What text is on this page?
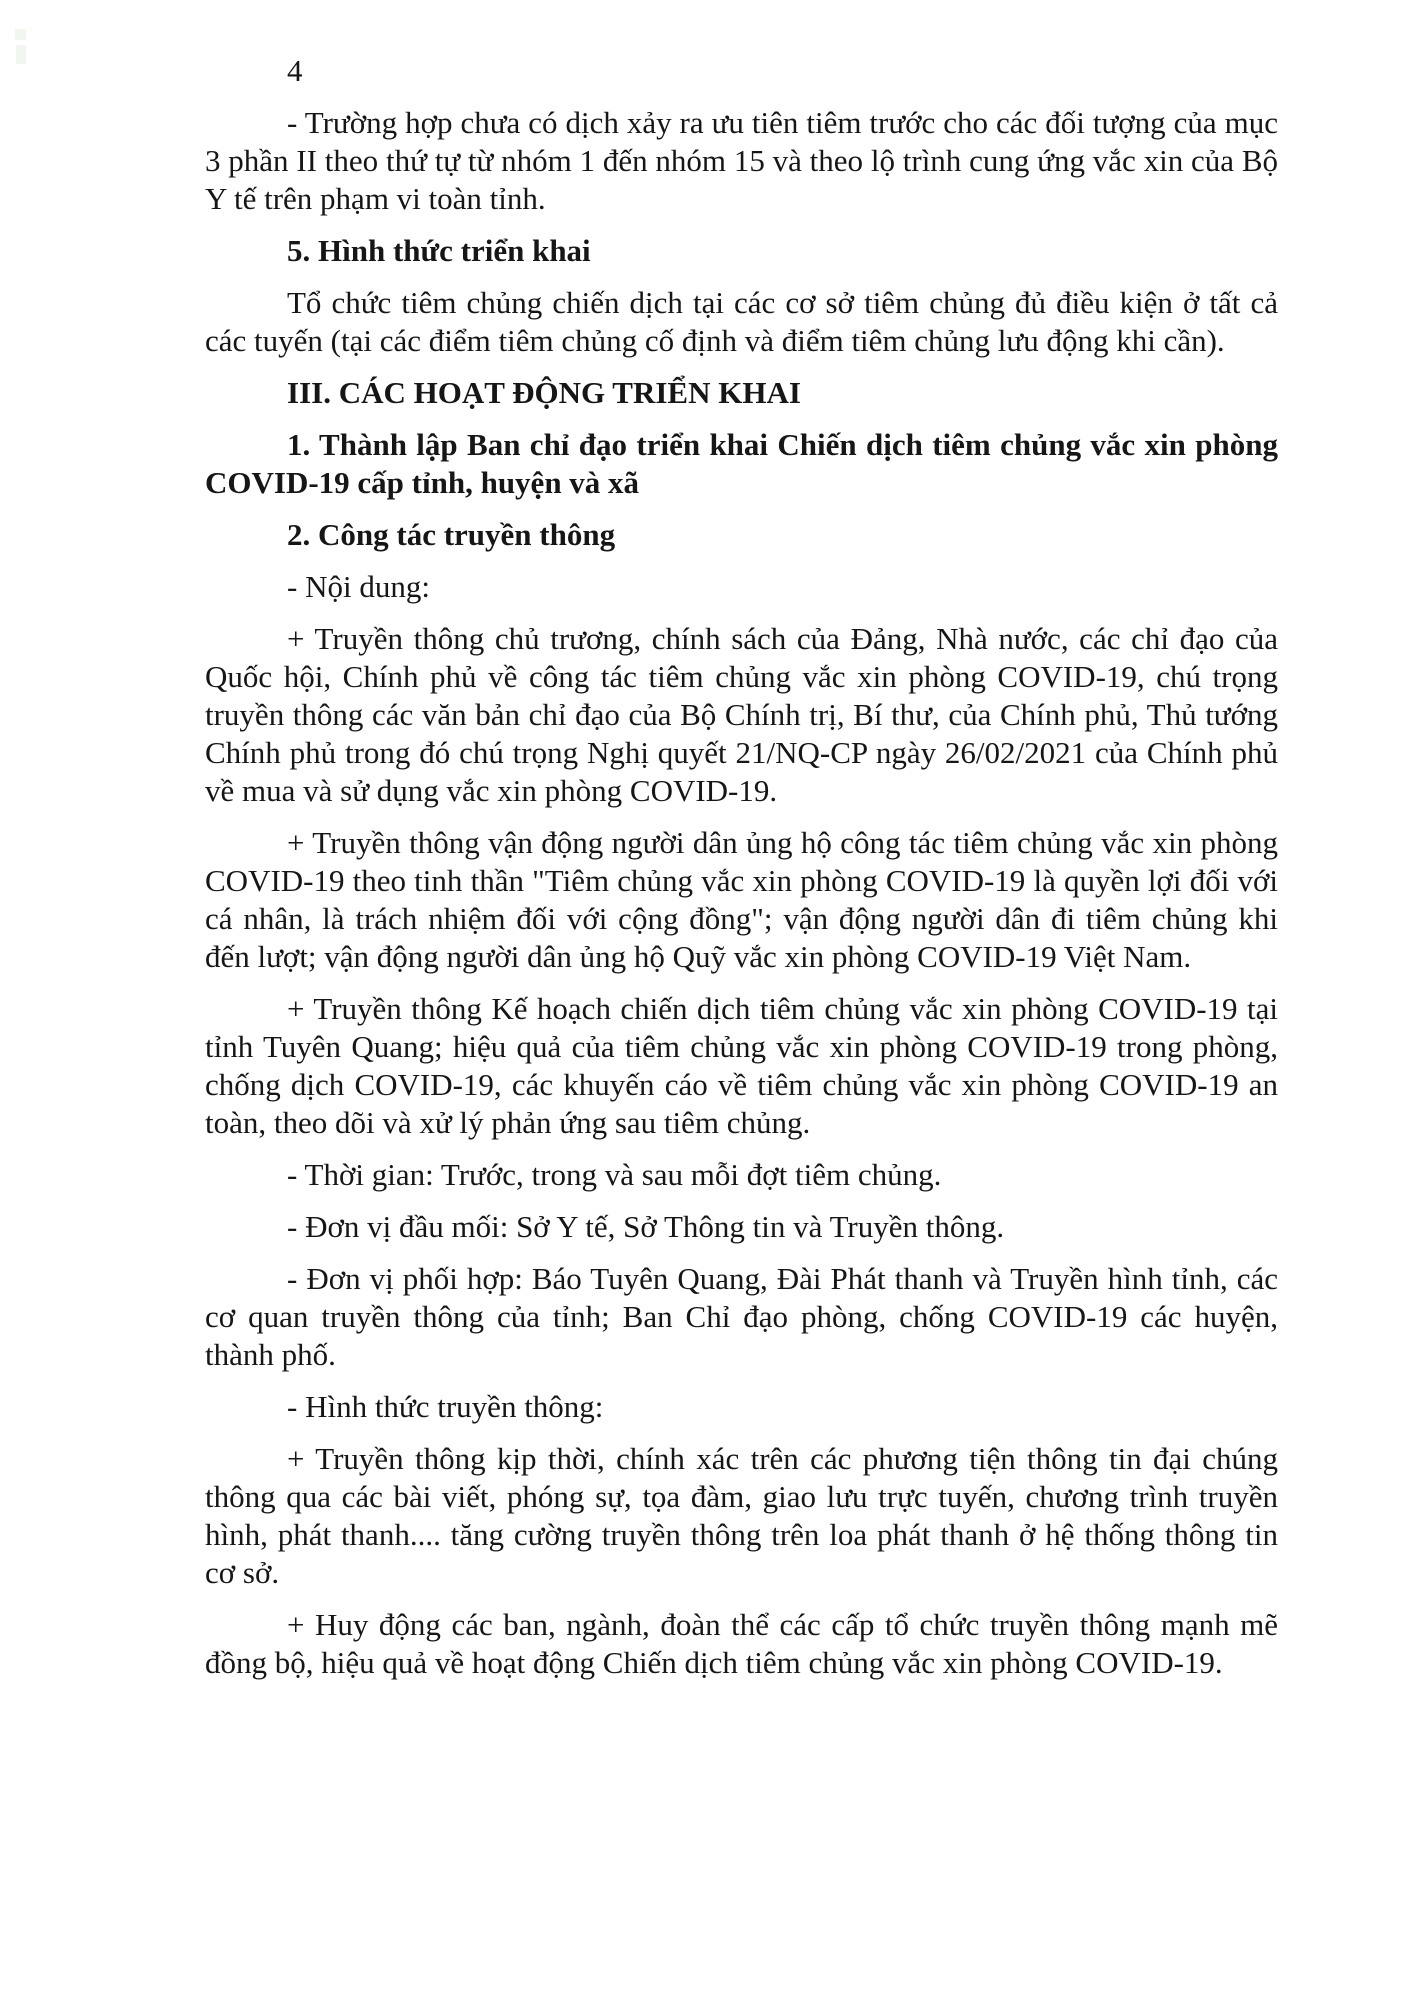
4

- Trường hợp chưa có dịch xảy ra ưu tiên tiêm trước cho các đối tượng của mục 3 phần II theo thứ tự từ nhóm 1 đến nhóm 15 và theo lộ trình cung ứng vắc xin của Bộ Y tế trên phạm vi toàn tỉnh.

5. Hình thức triển khai

Tổ chức tiêm chủng chiến dịch tại các cơ sở tiêm chủng đủ điều kiện ở tất cả các tuyến (tại các điểm tiêm chủng cố định và điểm tiêm chủng lưu động khi cần).

III. CÁC HOẠT ĐỘNG TRIỂN KHAI

1. Thành lập Ban chỉ đạo triển khai Chiến dịch tiêm chủng vắc xin phòng COVID-19 cấp tỉnh, huyện và xã

2. Công tác truyền thông

- Nội dung:

+ Truyền thông chủ trương, chính sách của Đảng, Nhà nước, các chỉ đạo của Quốc hội, Chính phủ về công tác tiêm chủng vắc xin phòng COVID-19, chú trọng truyền thông các văn bản chỉ đạo của Bộ Chính trị, Bí thư, của Chính phủ, Thủ tướng Chính phủ trong đó chú trọng Nghị quyết 21/NQ-CP ngày 26/02/2021 của Chính phủ về mua và sử dụng vắc xin phòng COVID-19.

+ Truyền thông vận động người dân ủng hộ công tác tiêm chủng vắc xin phòng COVID-19 theo tinh thần "Tiêm chủng vắc xin phòng COVID-19 là quyền lợi đối với cá nhân, là trách nhiệm đối với cộng đồng"; vận động người dân đi tiêm chủng khi đến lượt; vận động người dân ủng hộ Quỹ vắc xin phòng COVID-19 Việt Nam.

+ Truyền thông Kế hoạch chiến dịch tiêm chủng vắc xin phòng COVID-19 tại tỉnh Tuyên Quang; hiệu quả của tiêm chủng vắc xin phòng COVID-19 trong phòng, chống dịch COVID-19, các khuyến cáo về tiêm chủng vắc xin phòng COVID-19 an toàn, theo dõi và xử lý phản ứng sau tiêm chủng.

- Thời gian: Trước, trong và sau mỗi đợt tiêm chủng.

- Đơn vị đầu mối: Sở Y tế, Sở Thông tin và Truyền thông.

- Đơn vị phối hợp: Báo Tuyên Quang, Đài Phát thanh và Truyền hình tỉnh, các cơ quan truyền thông của tỉnh; Ban Chỉ đạo phòng, chống COVID-19 các huyện, thành phố.

- Hình thức truyền thông:

+ Truyền thông kịp thời, chính xác trên các phương tiện thông tin đại chúng thông qua các bài viết, phóng sự, tọa đàm, giao lưu trực tuyến, chương trình truyền hình, phát thanh.... tăng cường truyền thông trên loa phát thanh ở hệ thống thông tin cơ sở.

+ Huy động các ban, ngành, đoàn thể các cấp tổ chức truyền thông mạnh mẽ đồng bộ, hiệu quả về hoạt động Chiến dịch tiêm chủng vắc xin phòng COVID-19.
